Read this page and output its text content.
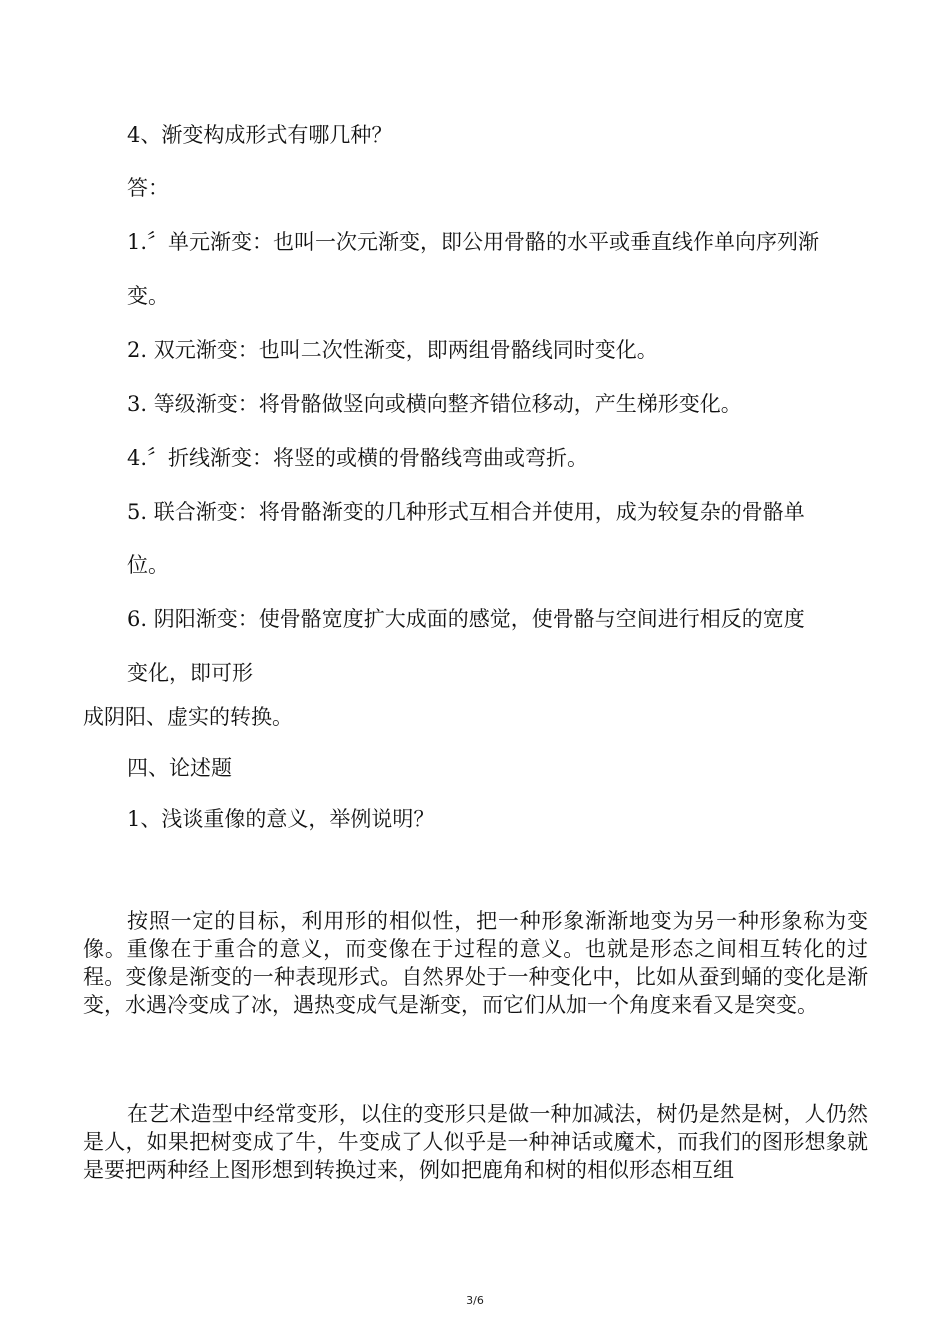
4、渐变构成形式有哪几种？
答：
1.〞单元渐变：也叫一次元渐变，即公用骨骼的水平或垂直线作单向序列渐
变。
2. 双元渐变：也叫二次性渐变，即两组骨骼线同时变化。
3. 等级渐变：将骨骼做竖向或横向整齐错位移动，产生梯形变化。
4.〞折线渐变：将竖的或横的骨骼线弯曲或弯折。
5. 联合渐变：将骨骼渐变的几种形式互相合并使用，成为较复杂的骨骼单
位。
6. 阴阳渐变：使骨骼宽度扩大成面的感觉，使骨骼与空间进行相反的宽度
变化，即可形
成阴阳、虚实的转换。
四、论述题
1、浅谈重像的意义，举例说明？

按照一定的目标，利用形的相似性，把一种形象渐渐地变为另一种形象称为变像。重像在于重合的意义，而变像在于过程的意义。也就是形态之间相互转化的过程。变像是渐变的一种表现形式。自然界处于一种变化中，比如从蚕到蛹的变化是渐变，水遇冷变成了冰，遇热变成气是渐变，而它们从加一个角度来看又是突变。

在艺术造型中经常变形，以住的变形只是做一种加减法，树仍是然是树，人仍然是人，如果把树变成了牛，牛变成了人似乎是一种神话或魔术，而我们的图形想象就是要把两种经上图形想到转换过来，例如把鹿角和树的相似形态相互组

3/6
